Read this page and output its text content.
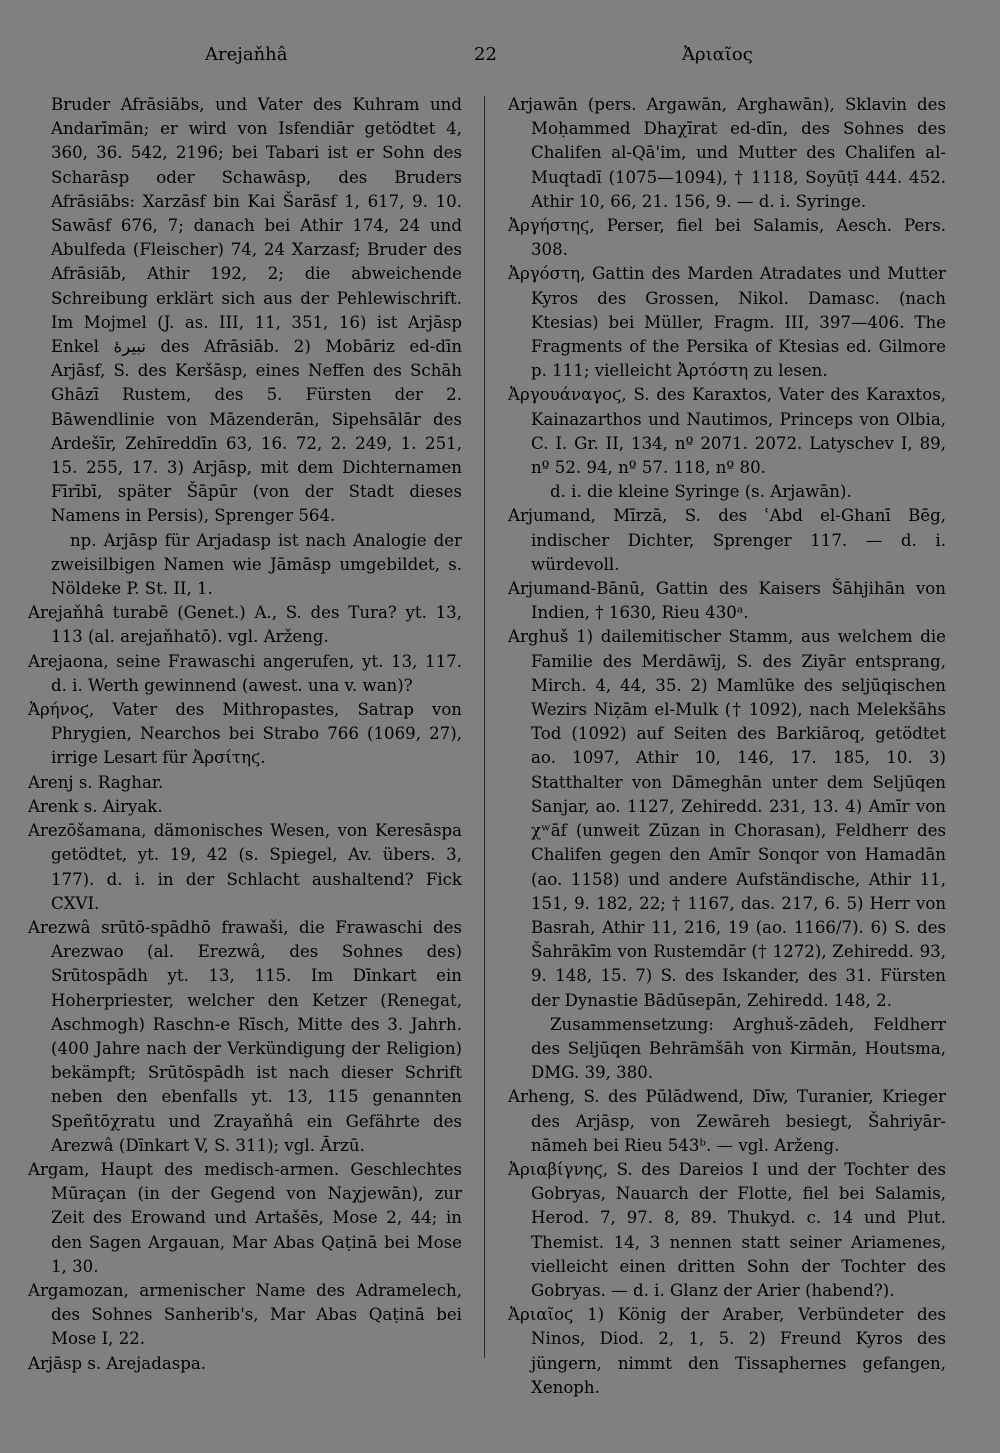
Arejaňhâ	22	Ἀριαῖος

Bruder Afrāsiābs, und Vater des Kuhram und Andarīmān; er wird von Isfendiār getödtet 4, 360, 36. 542, 2196; bei Tabari ist er Sohn des Scharāsp oder Schawāsp, des Bruders Afrāsiābs: Xarzāsf bin Kai Šarāsf 1, 617, 9. 10. Sawāsf 676, 7; danach bei Athir 174, 24 und Abulfeda (Fleischer) 74, 24 Xarzasf; Bruder des Afrāsiāb, Athir 192, 2; die abweichende Schreibung erklärt sich aus der Pehlewischrift. Im Mojmel (J. as. III, 11, 351, 16) ist Arjāsp Enkel نبيرهٔ des Afrāsiāb. 2) Mobāriz ed-dīn Arjāsf, S. des Keršāsp, eines Neffen des Schāh Ghāzī Rustem, des 5. Fürsten der 2. Bāwendlinie von Māzenderān, Sipehsālār des Ardešīr, Zehīreddīn 63, 16. 72, 2. 249, 1. 251, 15. 255, 17. 3) Arjāsp, mit dem Dichternamen Fīrībī, später Šāpūr (von der Stadt dieses Namens in Persis), Sprenger 564.

np. Arjāsp für Arjadasp ist nach Analogie der zweisilbigen Namen wie Jāmāsp umgebildet, s. Nöldeke P. St. II, 1.

Arejaňhâ turabē (Genet.) A., S. des Tura? yt. 13, 113 (al. arejaňhatō). vgl. Arženg.

Arejaona, seine Frawaschi angerufen, yt. 13, 117. d. i. Werth gewinnend (awest. una v. wan)?

Ἀρήνοϛ, Vater des Mithropastes, Satrap von Phrygien, Nearchos bei Strabo 766 (1069, 27), irrige Lesart für Ἀρσίτηϛ.

Arenj s. Raghar.

Arenk s. Airyak.

Arezōšamana, dämonisches Wesen, von Keresāspa getödtet, yt. 19, 42 (s. Spiegel, Av. übers. 3, 177). d. i. in der Schlacht aushaltend? Fick CXVI.

Arezwâ srūtō-spādhō frawaši, die Frawaschi des Arezwao (al. Erezwâ, des Sohnes des) Srūtospādh yt. 13, 115. Im Dīnkart ein Hoherpriester, welcher den Ketzer (Renegat, Aschmogh) Raschn-e Rīsch, Mitte des 3. Jahrh. (400 Jahre nach der Verkündigung der Religion) bekämpft; Srūtōspādh ist nach dieser Schrift neben den ebenfalls yt. 13, 115 genannten Speñtōχratu und Zrayaňhâ ein Gefährte des Arezwâ (Dīnkart V, S. 311); vgl. Ārzū.

Argam, Haupt des medisch-armen. Geschlechtes Mūraçan (in der Gegend von Naχjewān), zur Zeit des Erowand und Artašēs, Mose 2, 44; in den Sagen Argauan, Mar Abas Qaṭinā bei Mose 1, 30.

Argamozan, armenischer Name des Adramelech, des Sohnes Sanherib's, Mar Abas Qaṭinā bei Mose I, 22.

Arjāsp s. Arejadaspa.

Arjawān (pers. Argawān, Arghawān), Sklavin des Moḥammed Dhaχīrat ed-dīn, des Sohnes des Chalifen al-Qā'im, und Mutter des Chalifen al-Muqtadī (1075—1094), † 1118, Soyūṭī 444. 452. Athir 10, 66, 21. 156, 9. — d. i. Syringe.

Ἀργήστηϛ, Perser, fiel bei Salamis, Aesch. Pers. 308.

Ἀργόστη, Gattin des Marden Atradates und Mutter Kyros des Grossen, Nikol. Damasc. (nach Ktesias) bei Müller, Fragm. III, 397—406. The Fragments of the Persika of Ktesias ed. Gilmore p. 111; vielleicht Ἀρτόστη zu lesen.

Ἀργουάναγοϛ, S. des Karaxtos, Vater des Karaxtos, Kainazarthos und Nautimos, Princeps von Olbia, C. I. Gr. II, 134, nº 2071. 2072. Latyschev I, 89, nº 52. 94, nº 57. 118, nº 80.

d. i. die kleine Syringe (s. Arjawān).

Arjumand, Mīrzā, S. des ʿAbd el-Ghanī Bēg, indischer Dichter, Sprenger 117. — d. i. würdevoll.

Arjumand-Bānū, Gattin des Kaisers Šāhjihān von Indien, † 1630, Rieu 430ᵃ.

Arghuš 1) dailemitischer Stamm, aus welchem die Familie des Merdāwīj, S. des Ziyār entsprang, Mirch. 4, 44, 35. 2) Mamlūke des seljūqischen Wezirs Niẓām el-Mulk († 1092), nach Melekšāhs Tod (1092) auf Seiten des Barkiāroq, getödtet ao. 1097, Athir 10, 146, 17. 185, 10. 3) Statthalter von Dāmeghān unter dem Seljūqen Sanjar, ao. 1127, Zehiredd. 231, 13. 4) Amīr von χʷāf (unweit Zūzan in Chorasan), Feldherr des Chalifen gegen den Amīr Sonqor von Hamadān (ao. 1158) und andere Aufständische, Athir 11, 151, 9. 182, 22; † 1167, das. 217, 6. 5) Herr von Basrah, Athir 11, 216, 19 (ao. 1166/7). 6) S. des Šahrākīm von Rustemdār († 1272), Zehiredd. 93, 9. 148, 15. 7) S. des Iskander, des 31. Fürsten der Dynastie Bādūsepān, Zehiredd. 148, 2.

Zusammensetzung: Arghuš-zādeh, Feldherr des Seljūqen Behrāmšāh von Kirmān, Houtsma, DMG. 39, 380.

Arheng, S. des Pūlādwend, Dīw, Turanier, Krieger des Arjāsp, von Zewāreh besiegt, Šahriyār-nāmeh bei Rieu 543ᵇ. — vgl. Arženg.

Ἀριαβίγνηϛ, S. des Dareios I und der Tochter des Gobryas, Nauarch der Flotte, fiel bei Salamis, Herod. 7, 97. 8, 89. Thukyd. c. 14 und Plut. Themist. 14, 3 nennen statt seiner Ariamenes, vielleicht einen dritten Sohn der Tochter des Gobryas. — d. i. Glanz der Arier (habend?).

Ἀριαῖοϛ 1) König der Araber, Verbündeter des Ninos, Diod. 2, 1, 5. 2) Freund Kyros des jüngern, nimmt den Tissaphernes gefangen, Xenoph.
